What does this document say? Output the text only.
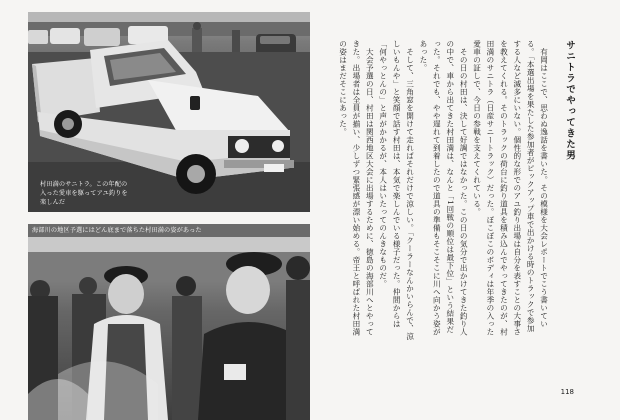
村田満のサニトラ。この年配の入った愛車を駆ってアユ釣りを楽しんだ
海部川の地区予選にはどん底まで落ちた村田満の姿があった
サニトラでやってきた男

有岡はここで、思わぬ逸話を書いた。その模様を大会レポートでこう書いている。「本選出場を果たした参加者がピックアップ車で出かける時のトラックで参加する人など滅多にいない。個性的な形でのアユ釣り出場は自分を表すことの大事さを教えてくれる。そのトラックの荷台に釣り道具を積み込んでやってきたのが、村田満のサニトラ（日産サニートラック）だった。ぼこぼこのボディは年季の入った愛車の証しで、今日の参戦を支えてくれている。

その日の村田は、決して好調ではなかった。この日の気分で出かけてきた釣り人の中で、車から出てきた村田満は、なんと「1回戦の順位は最下位」という結果だった。それでも、やや遅れて到着したので道具の準備もそこそこに川へ向かう姿があった。

そして、三角窓を開けて走ればそれだけで涼しい。「クーラーなんかいらんで、涼しいもんや」と笑顔で話す村田は、本気で楽しんでいる様子だった。仲間からは「何やっとんの」と声がかかるが、本人はいたってのんきなものだ。

大会予選の日、村田は関西地区大会に出場するために、徳島の海部川へとやってきた。出場者は全員が揃い、少しずつ緊張感が漂い始める。帝王と呼ばれた村田満の姿はまだそこにあった。

118
